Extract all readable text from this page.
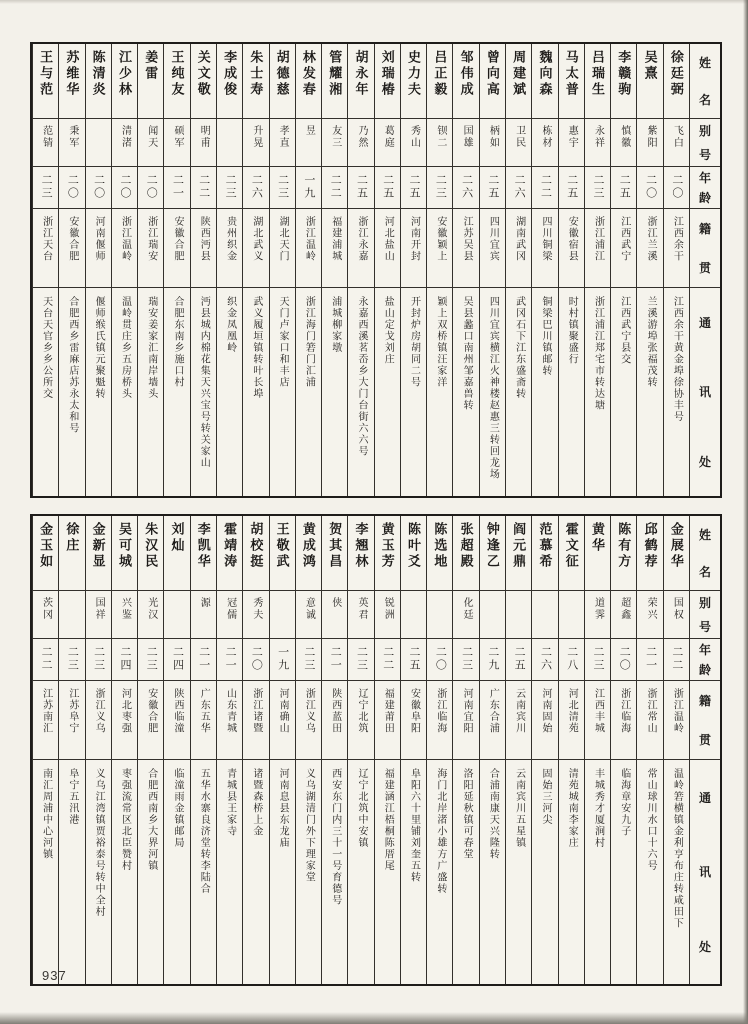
姓
名
别
号
年
龄
籍
贯
通
讯
处
徐廷弼
飞白
二〇
江西余干
江西余干黄金埠徐协丰号
吴熹
紫阳
二〇
浙江兰溪
兰溪游埠张福茂转
李赣驹
慎徽
二五
江西武宁
江西武宁县交
吕瑞生
永祥
二三
浙江浦江
浙江浦江郑宅市转达塘
马太普
惠宇
二五
安徽宿县
时村镇聚盛行
魏向森
栋材
二二
四川铜梁
铜梁巴川镇邮转
周建斌
卫民
二六
湖南武冈
武冈石下江东盛斋转
曾向高
柄如
二五
四川宜宾
四川宜宾横江火神楼赵惠三转回龙场
邹伟成
国雄
二六
江苏吴县
吴县蠡口南州邹嘉兽转
吕正毅
钡二
二三
安徽颖上
颖上双桥镇汪家洋
史力夫
秀山
二五
河南开封
开封炉房胡同二号
刘瑞椿
葛庭
二五
河北盐山
盐山定戈刘庄
胡永年
乃然
二五
浙江永嘉
永嘉西溪茗岙乡大门台街六六号
管耀湘
友三
二二
福建浦城
浦城柳家墩
林发春
昱
一九
浙江温岭
浙江海门箬门汇浦
胡德慈
孝直
二三
湖北天门
天门卢家口和丰店
朱士寿
升晃
二六
湖北武义
武义履垣镇转叶长埠
李成俊
二三
贵州织金
织金凤凰岭
关文敬
明甫
二二
陕西沔县
沔县城内棉花集天兴宝号转关家山
王纯友
硕军
二一
安徽合肥
合肥东南乡施口村
姜雷
闻天
二〇
浙江瑞安
瑞安姜家汇南岸墙头
江少林
清渚
二〇
浙江温岭
温岭贯庄乡五房桥头
陈清炎
二〇
河南偃师
偃师缑氏镇元聚魁转
苏维华
秉军
二〇
安徽合肥
合肥西乡雷麻店苏永太和号
王与范
范锖
二三
浙江天台
天台天官乡乡公所交
姓
名
别
号
年
龄
籍
贯
通
讯
处
金展华
国权
二二
浙江温岭
温岭箬横镇金利亨布庄转咸田下
邱鹤荐
荣兴
二一
浙江常山
常山球川水口十六号
陈有方
超鑫
二〇
浙江临海
临海章安九子
黄华
道霁
二三
江西丰城
丰城秀才厦涧村
霍文征
二八
河北清苑
清苑城南李家庄
范慕希
二六
河南固始
固始三河尖
阎元鼎
二五
云南宾川
云南宾川五星镇
钟逢乙
二九
广东合浦
合浦南康天兴隆转
张超殿
化廷
二三
河南宜阳
洛阳延秋镇可春堂
陈选地
二〇
浙江临海
海门北岸渚小雄方广盛转
陈叶爻
二五
安徽阜阳
阜阳六十里铺刘奎五转
黄玉芳
锐洲
二二
福建莆田
福建涵江梧桐陈厝尾
李翘林
英君
二三
辽宁北筑
辽宁北筑中安镇
贺其昌
侠
二一
陕西蓝田
西安东门内三十一号育德号
黄成鸿
意诚
二三
浙江义乌
义乌湖清门外下理家堂
王敬武
一九
河南确山
河南息县东龙庙
胡校挺
秀夫
二〇
浙江诸暨
诸暨森桥上金
霍靖涛
冠儒
二一
山东青城
青城县王家寺
李凯华
源
二一
广东五华
五华水寨良济堂转李陆合
刘灿
二四
陕西临潼
临潼雨金镇邮局
朱汉民
光汉
二三
安徽合肥
合肥西南乡大界河镇
吴可城
兴鉴
二四
河北枣强
枣强流常区北臣赞村
金新显
国祥
二三
浙江义乌
义乌江湾镇贾裕泰号转中全村
徐庄
二三
江苏阜宁
阜宁五汛港
金玉如
茨冈
二二
江苏南汇
南汇周浦中心河镇
937
